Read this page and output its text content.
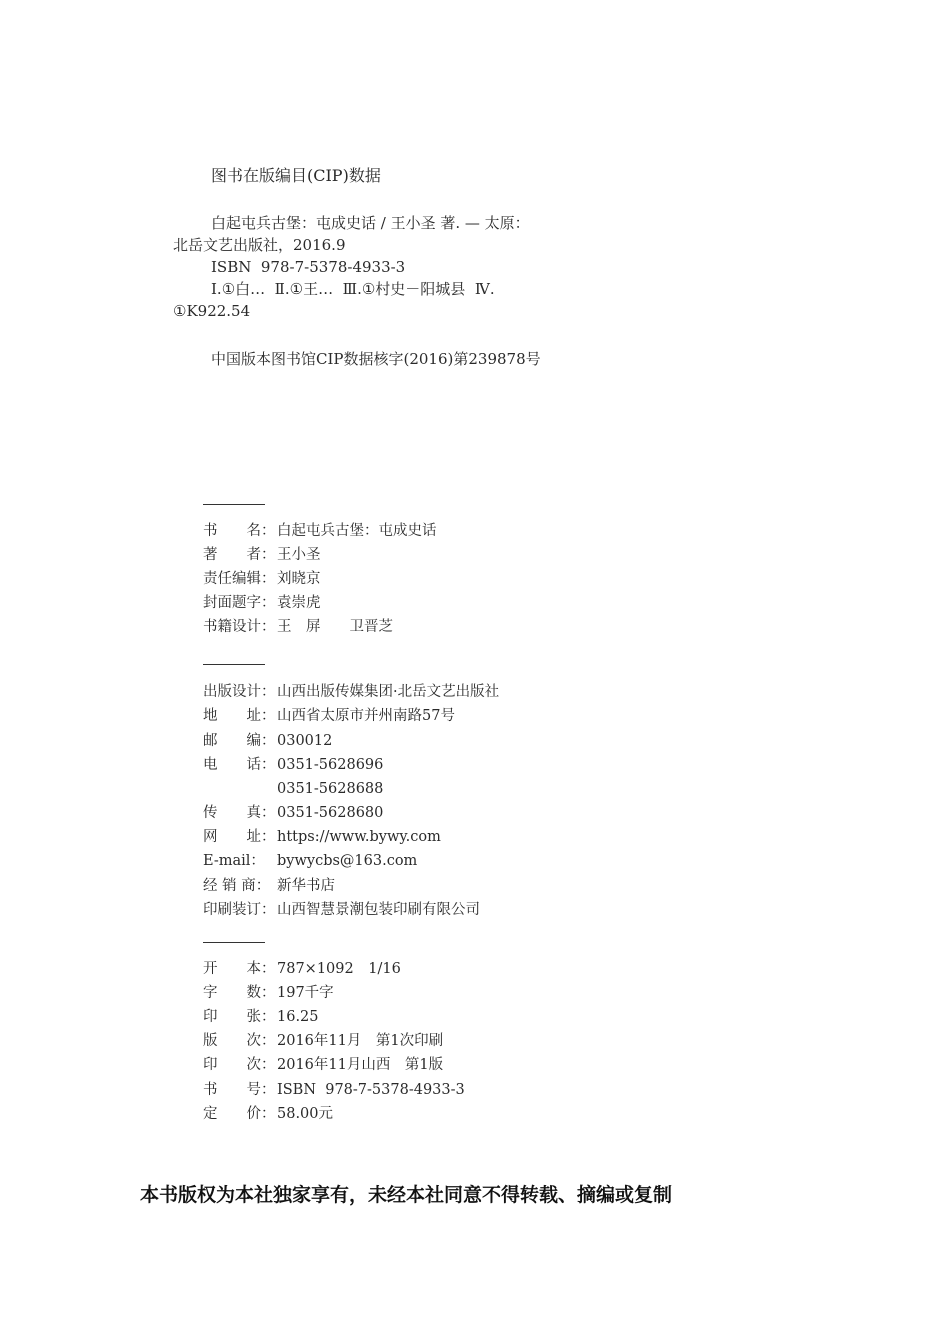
图书在版编目(CIP)数据
白起屯兵古堡：屯成史话 / 王小圣 著. — 太原：
北岳文艺出版社，2016.9
ISBN  978-7-5378-4933-3
Ⅰ.①白…  Ⅱ.①王…  Ⅲ.①村史－阳城县  Ⅳ.
①K922.54
中国版本图书馆CIP数据核字(2016)第239878号
书　　名： 白起屯兵古堡：屯成史话
著　　者： 王小圣
责任编辑： 刘晓京
封面题字： 袁崇虎
书籍设计： 王　屏　　卫晋芝
出版设计： 山西出版传媒集团·北岳文艺出版社
地　　址： 山西省太原市并州南路57号
邮　　编： 030012
电　　话： 0351-5628696
0351-5628688
传　　真： 0351-5628680
网　　址： https://www.bywy.com
E-mail： bywycbs@163.com
经 销 商： 新华书店
印刷装订： 山西智慧景潮包装印刷有限公司
开　　本： 787×1092　1/16
字　　数： 197千字
印　　张： 16.25
版　　次： 2016年11月　第1次印刷
印　　次： 2016年11月山西　第1版
书　　号： ISBN  978-7-5378-4933-3
定　　价： 58.00元
本书版权为本社独家享有，未经本社同意不得转载、摘编或复制
